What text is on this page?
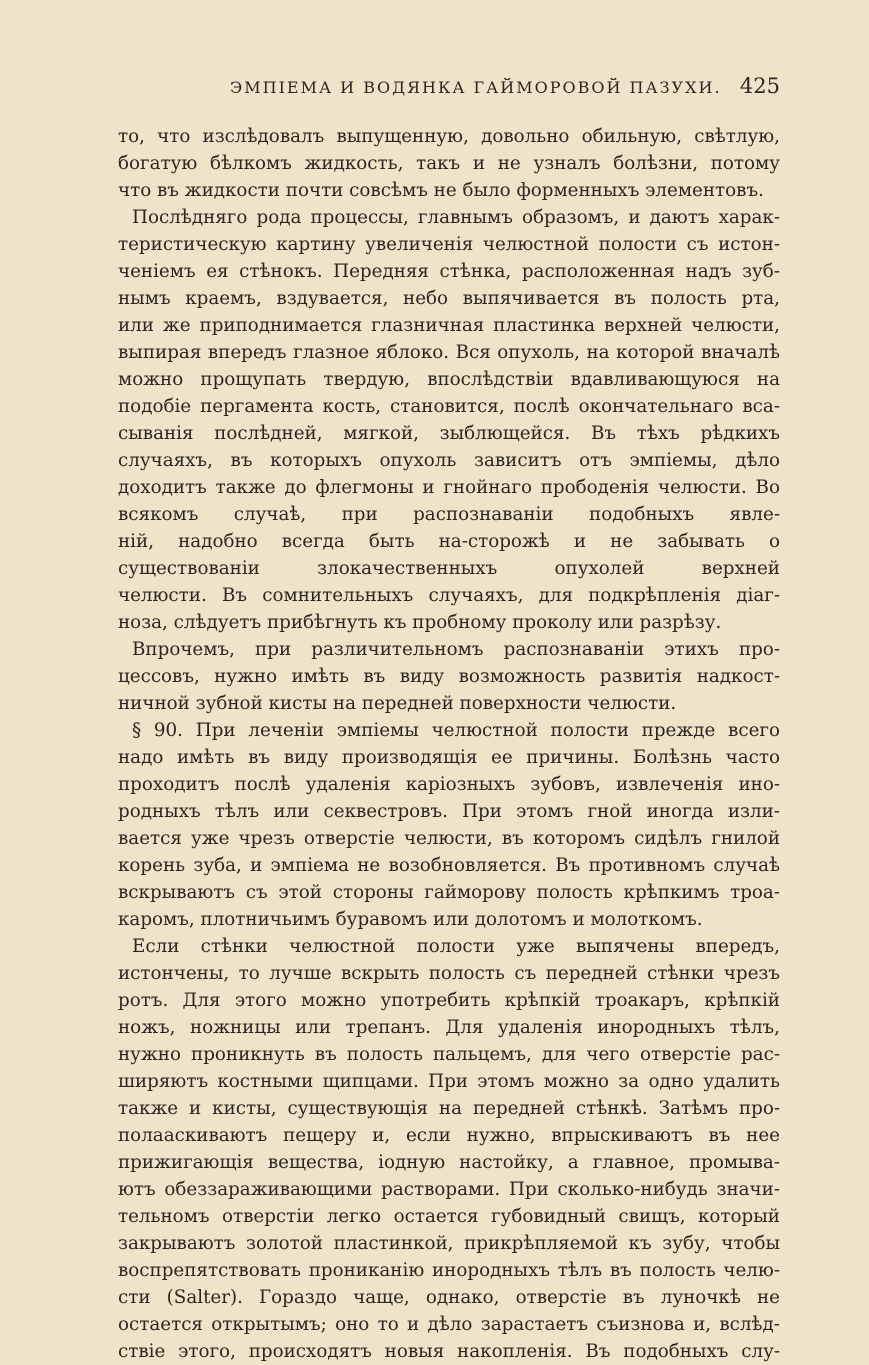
ЭМПІЕМА И ВОДЯНКА ГАЙМОРОВОЙ ПАЗУХИ. 425
то, что изслѣдовалъ выпущенную, довольно обильную, свѣтлую,
богатую бѣлкомъ жидкость, такъ и не узналъ болѣзни, потому
что въ жидкости почти совсѣмъ не было форменныхъ элементовъ.
Послѣдняго рода процессы, главнымъ образомъ, и даютъ харак-
теристическую картину увеличенія челюстной полости съ истон-
ченіемъ ея стѣнокъ. Передняя стѣнка, расположенная надъ зуб-
нымъ краемъ, вздувается, небо выпячивается въ полость рта,
или же приподнимается глазничная пластинка верхней челюсти,
выпирая впередъ глазное яблоко. Вся опухоль, на которой вначалѣ
можно прощупать твердую, впослѣдствіи вдавливающуюся на
подобіе пергамента кость, становится, послѣ окончательнаго вса-
сыванія послѣдней, мягкой, зыблющейся. Въ тѣхъ рѣдкихъ
случаяхъ, въ которыхъ опухоль зависитъ отъ эмпіемы, дѣло
доходитъ также до флегмоны и гнойнаго прободенія челюсти. Во
всякомъ случаѣ, при распознаваніи подобныхъ явле-
ній, надобно всегда быть на-сторожѣ и не забывать о
существованіи злокачественныхъ опухолей верхней
челюсти. Въ сомнительныхъ случаяхъ, для подкрѣпленія діаг-
ноза, слѣдуетъ прибѣгнуть къ пробному проколу или разрѣзу.
Впрочемъ, при различительномъ распознаваніи этихъ про-
цессовъ, нужно имѣть въ виду возможность развитія надкост-
ничной зубной кисты на передней поверхности челюсти.
§ 90. При леченіи эмпіемы челюстной полости прежде всего
надо имѣть въ виду производящія ее причины. Болѣзнь часто
проходитъ послѣ удаленія каріозныхъ зубовъ, извлеченія ино-
родныхъ тѣлъ или секвестровъ. При этомъ гной иногда изли-
вается уже чрезъ отверстіе челюсти, въ которомъ сидѣлъ гнилой
корень зуба, и эмпіема не возобновляется. Въ противномъ случаѣ
вскрываютъ съ этой стороны гайморову полость крѣпкимъ троа-
каромъ, плотничьимъ буравомъ или долотомъ и молоткомъ.
Если стѣнки челюстной полости уже выпячены впередъ,
истончены, то лучше вскрыть полость съ передней стѣнки чрезъ
ротъ. Для этого можно употребить крѣпкій троакаръ, крѣпкій
ножъ, ножницы или трепанъ. Для удаленія инородныхъ тѣлъ,
нужно проникнуть въ полость пальцемъ, для чего отверстіе рас-
ширяютъ костными щипцами. При этомъ можно за одно удалить
также и кисты, существующія на передней стѣнкѣ. Затѣмъ про-
полаaскиваютъ пещеру и, если нужно, впрыскиваютъ въ нее
прижигающія вещества, іодную настойку, а главное, промыва-
ютъ обеззараживающими растворами. При сколько-нибудь значи-
тельномъ отверстіи легко остается губовидный свищъ, который
закрываютъ золотой пластинкой, прикрѣпляемой къ зубу, чтобы
воспрепятствовать проникaнію инородныхъ тѣлъ въ полость челю-
сти (Salter). Гораздо чаще, однако, отверстіе въ луночкѣ не
остается открытымъ; оно то и дѣло зарастаетъ съизнова и, вслѣд-
ствіе этого, происходятъ новыя накопленія. Въ подобныхъ слу-
